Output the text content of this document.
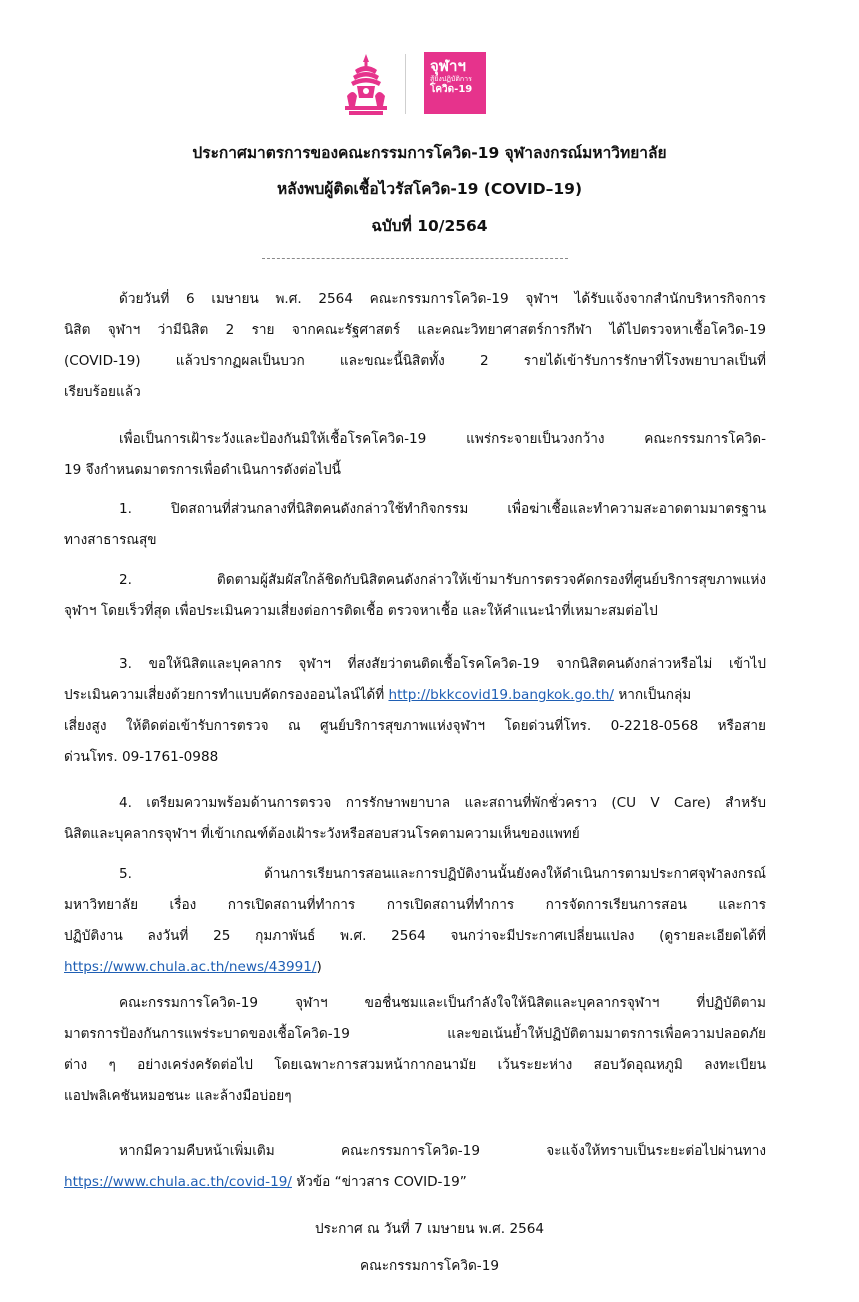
จุฬาฯ
สู้ยิ่งปฏิบัติการ
โควิด-19
ประกาศมาตรการของคณะกรรมการโควิด-19 จุฬาลงกรณ์มหาวิทยาลัย
หลังพบผู้ติดเชื้อไวรัสโควิด-19 (COVID–19)
ฉบับที่ 10/2564
ด้วยวันที่ 6 เมษายน พ.ศ. 2564 คณะกรรมการโควิด-19 จุฬาฯ ได้รับแจ้งจากสำนักบริหารกิจการ
นิสิต จุฬาฯ ว่ามีนิสิต 2 ราย จากคณะรัฐศาสตร์ และคณะวิทยาศาสตร์การกีฬา ได้ไปตรวจหาเชื้อโควิด-19
(COVID-19) แล้วปรากฏผลเป็นบวก และขณะนี้นิสิตทั้ง 2 รายได้เข้ารับการรักษาที่โรงพยาบาลเป็นที่
เรียบร้อยแล้ว
เพื่อเป็นการเฝ้าระวังและป้องกันมิให้เชื้อโรคโควิด-19 แพร่กระจายเป็นวงกว้าง คณะกรรมการโควิด-
19 จึงกำหนดมาตรการเพื่อดำเนินการดังต่อไปนี้
1. ปิดสถานที่ส่วนกลางที่นิสิตคนดังกล่าวใช้ทำกิจกรรม เพื่อฆ่าเชื้อและทำความสะอาดตามมาตรฐาน
ทางสาธารณสุข
2. ติดตามผู้สัมผัสใกล้ชิดกับนิสิตคนดังกล่าวให้เข้ามารับการตรวจคัดกรองที่ศูนย์บริการสุขภาพแห่ง
จุฬาฯ โดยเร็วที่สุด เพื่อประเมินความเสี่ยงต่อการติดเชื้อ ตรวจหาเชื้อ และให้คำแนะนำที่เหมาะสมต่อไป
3. ขอให้นิสิตและบุคลากร จุฬาฯ ที่สงสัยว่าตนติดเชื้อโรคโควิด-19 จากนิสิตคนดังกล่าวหรือไม่ เข้าไป
ประเมินความเสี่ยงด้วยการทำแบบคัดกรองออนไลน์ได้ที่ http://bkkcovid19.bangkok.go.th/ หากเป็นกลุ่ม
เสี่ยงสูง ให้ติดต่อเข้ารับการตรวจ ณ ศูนย์บริการสุขภาพแห่งจุฬาฯ โดยด่วนที่โทร. 0-2218-0568 หรือสาย
ด่วนโทร. 09-1761-0988
4. เตรียมความพร้อมด้านการตรวจ การรักษาพยาบาล และสถานที่พักชั่วคราว (CU V Care) สำหรับ
นิสิตและบุคลากรจุฬาฯ ที่เข้าเกณฑ์ต้องเฝ้าระวังหรือสอบสวนโรคตามความเห็นของแพทย์
5. ด้านการเรียนการสอนและการปฏิบัติงานนั้นยังคงให้ดำเนินการตามประกาศจุฬาลงกรณ์
มหาวิทยาลัย เรื่อง การเปิดสถานที่ทำการ การเปิดสถานที่ทำการ การจัดการเรียนการสอน และการ
ปฏิบัติงาน ลงวันที่ 25 กุมภาพันธ์ พ.ศ. 2564 จนกว่าจะมีประกาศเปลี่ยนแปลง (ดูรายละเอียดได้ที่
https://www.chula.ac.th/news/43991/)
คณะกรรมการโควิด-19 จุฬาฯ ขอชื่นชมและเป็นกำลังใจให้นิสิตและบุคลากรจุฬาฯ ที่ปฏิบัติตาม
มาตรการป้องกันการแพร่ระบาดของเชื้อโควิด-19 และขอเน้นย้ำให้ปฏิบัติตามมาตรการเพื่อความปลอดภัย
ต่าง ๆ อย่างเคร่งครัดต่อไป โดยเฉพาะการสวมหน้ากากอนามัย เว้นระยะห่าง สอบวัดอุณหภูมิ ลงทะเบียน
แอปพลิเคชันหมอชนะ และล้างมือบ่อยๆ
หากมีความคืบหน้าเพิ่มเติม คณะกรรมการโควิด-19 จะแจ้งให้ทราบเป็นระยะต่อไปผ่านทาง
https://www.chula.ac.th/covid-19/ หัวข้อ “ข่าวสาร COVID-19”
ประกาศ ณ วันที่ 7 เมษายน พ.ศ. 2564
คณะกรรมการโควิด-19
